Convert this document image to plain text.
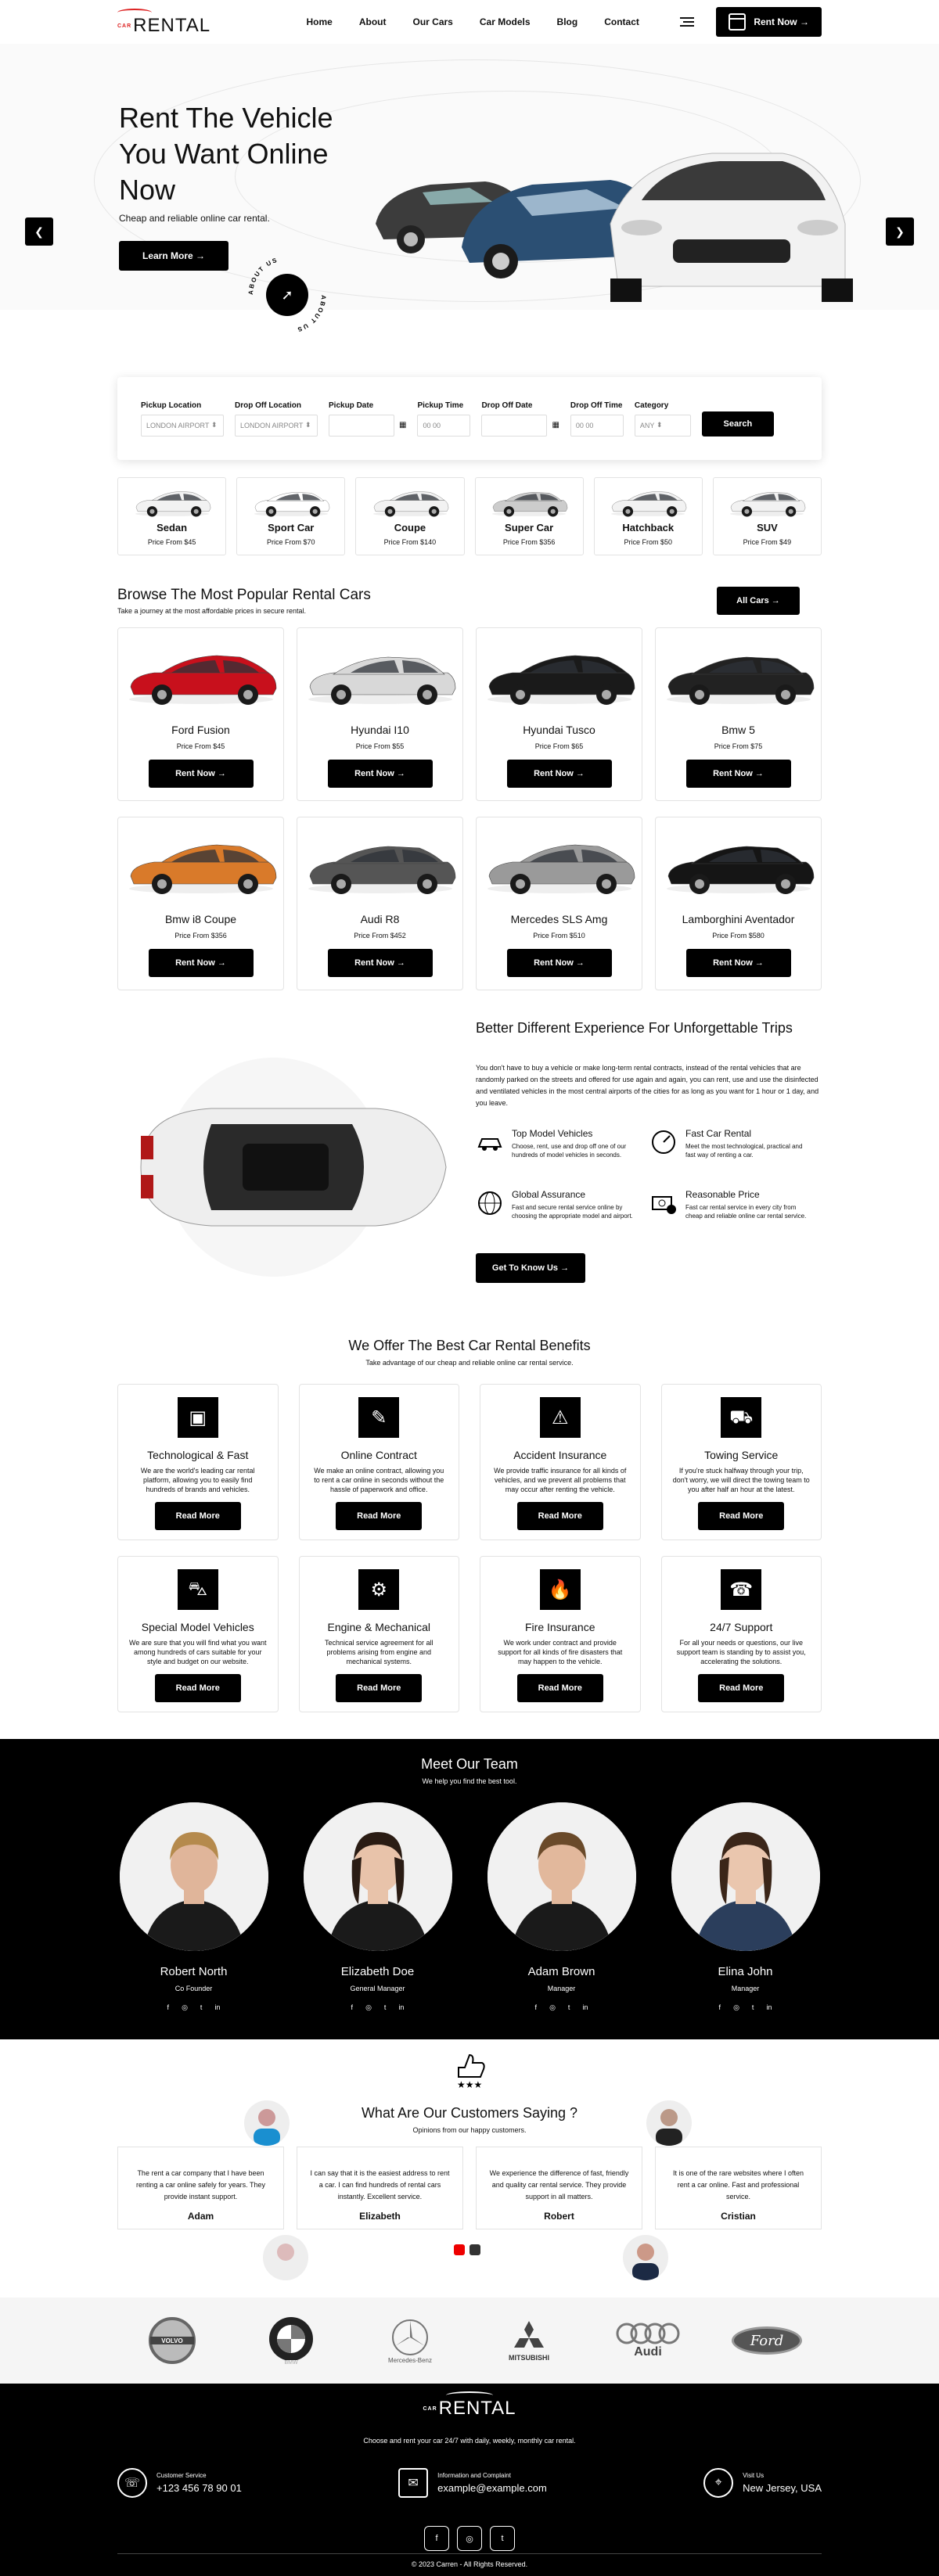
CARRENTAL	Home	About	Our Cars	Car Models	Blog	Contact	Rent Now →
Rent The Vehicle You Want Online Now

Cheap and reliable online car rental.

Learn More →
❮	❯
ABOUT US
ABOUT US
➚
Pickup Location
LONDON AIRPORT ⬍
Drop Off Location
LONDON AIRPORT ⬍
Pickup Date
▦
Pickup Time
00 00
Drop Off Date
▦
Drop Off Time
00 00
Category
ANY ⬍	Search
Sedan
Price From $45
Sport Car
Price From $70
Coupe
Price From $140
Super Car
Price From $356
Hatchback
Price From $50
SUV
Price From $49
Browse The Most Popular Rental Cars

Take a journey at the most affordable prices in secure rental.

All Cars →
Ford Fusion
Price From $45
Rent Now →
Hyundai I10
Price From $55
Rent Now →
Hyundai Tusco
Price From $65
Rent Now →
Bmw 5
Price From $75
Rent Now →
Bmw i8 Coupe
Price From $356
Rent Now →
Audi R8
Price From $452
Rent Now →
Mercedes SLS Amg
Price From $510
Rent Now →
Lamborghini Aventador
Price From $580
Rent Now →
Better Different Experience For Unforgettable Trips

You don't have to buy a vehicle or make long-term rental contracts, instead of the rental vehicles that are randomly parked on the streets and offered for use again and again, you can rent, use and use the disinfected and ventilated vehicles in the most central airports of the cities for as long as you want for 1 hour or 1 day, and you leave.

Top Model Vehicles
Choose, rent, use and drop off one of our hundreds of model vehicles in seconds.
Fast Car Rental
Meet the most technological, practical and fast way of renting a car.
Global Assurance
Fast and secure rental service online by choosing the appropriate model and airport.
Reasonable Price
Fast car rental service in every city from cheap and reliable online car rental service.
Get To Know Us →
We Offer The Best Car Rental Benefits

Take advantage of our cheap and reliable online car rental service.

▣
Technological & Fast

We are the world's leading car rental platform, allowing you to easily find hundreds of brands and vehicles.

Read More
✎
Online Contract

We make an online contract, allowing you to rent a car online in seconds without the hassle of paperwork and office.

Read More
⚠
Accident Insurance

We provide traffic insurance for all kinds of vehicles, and we prevent all problems that may occur after renting the vehicle.

Read More
⛟
Towing Service

If you're stuck halfway through your trip, don't worry, we will direct the towing team to you after half an hour at the latest.

Read More
⛍
Special Model Vehicles

We are sure that you will find what you want among hundreds of cars suitable for your style and budget on our website.

Read More
⚙
Engine & Mechanical

Technical service agreement for all problems arising from engine and mechanical systems.

Read More
🔥
Fire Insurance

We work under contract and provide support for all kinds of fire disasters that may happen to the vehicle.

Read More
☎
24/7 Support

For all your needs or questions, our live support team is standing by to assist you, accelerating the solutions.

Read More
Meet Our Team

We help you find the best tool.

Robert North
Co Founder
f ◎ t in
Elizabeth Doe
General Manager
f ◎ t in
Adam Brown
Manager
f ◎ t in
Elina John
Manager
f ◎ t in
★★★
What Are Our Customers Saying ?

Opinions from our happy customers.

The rent a car company that I have been renting a car online safely for years. They provide instant support.
Adam
I can say that it is the easiest address to rent a car. I can find hundreds of rental cars instantly. Excellent service.
Elizabeth
We experience the difference of fast, friendly and quality car rental service. They provide support in all matters.
Robert
It is one of the rare websites where I often rent a car online. Fast and professional service.
Cristian
VOLVO
BMW	Mercedes-Benz	MITSUBISHI	Audi
Ford
CARRENTAL

Choose and rent your car 24/7 with daily, weekly, monthly car rental.

☏
Customer Service
+123 456 78 90 01	✉
Information and Complaint
example@example.com	⌖
Visit Us
New Jersey, USA
f	◎	t
© 2023 Carren - All Rights Reserved.
